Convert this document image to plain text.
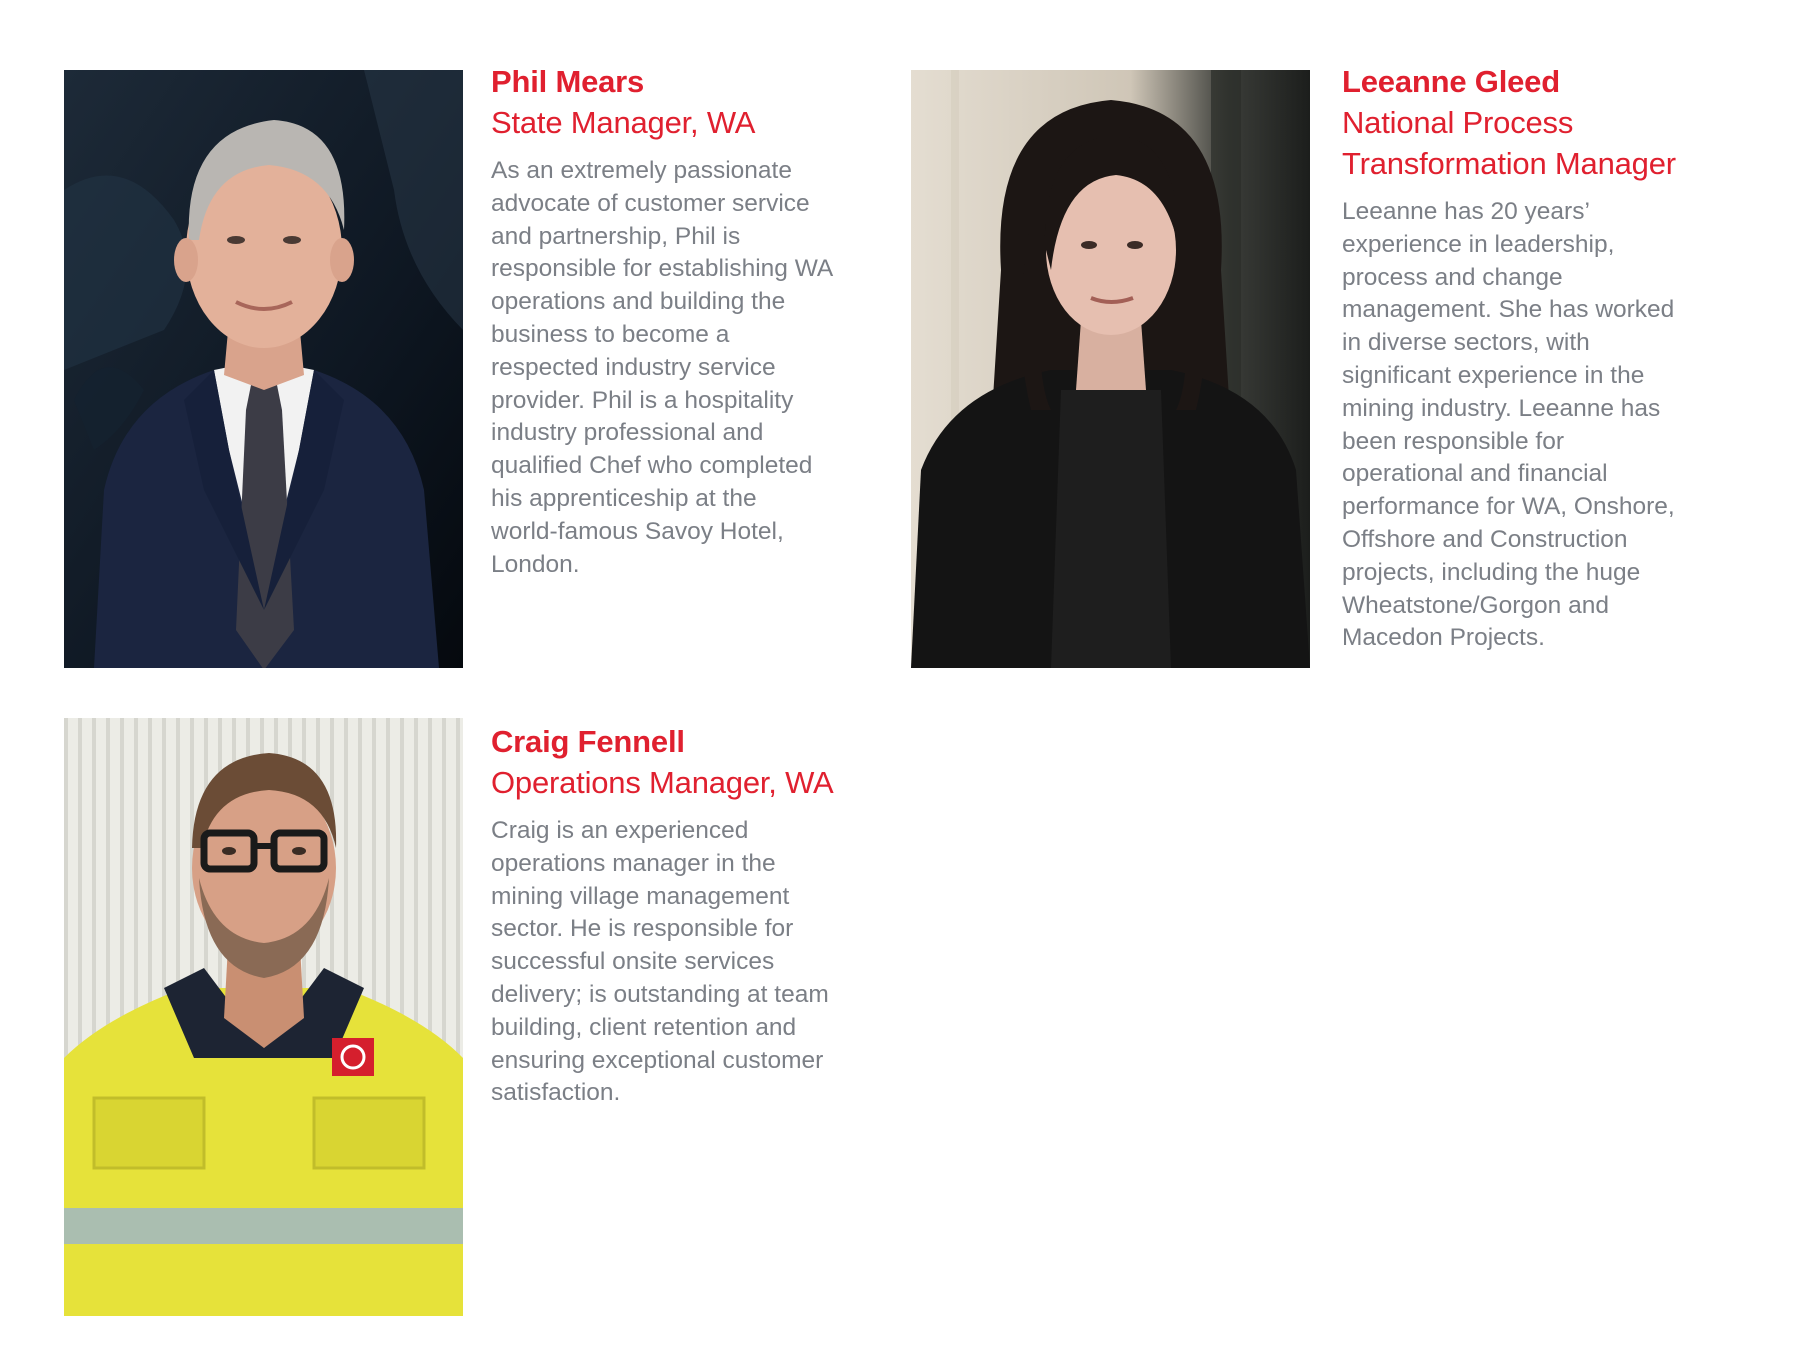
Phil Mears
State Manager, WA

As an extremely passionate
advocate of customer service
and partnership, Phil is
responsible for establishing WA
operations and building the
business to become a
respected industry service
provider. Phil is a hospitality
industry professional and
qualified Chef who completed
his apprenticeship at the
world-famous Savoy Hotel,
London.

Leeanne Gleed
National Process
Transformation Manager

Leeanne has 20 years’
experience in leadership,
process and change
management. She has worked
in diverse sectors, with
significant experience in the
mining industry. Leeanne has
been responsible for
operational and financial
performance for WA, Onshore,
Offshore and Construction
projects, including the huge
Wheatstone/Gorgon and
Macedon Projects.

Craig Fennell
Operations Manager, WA

Craig is an experienced
operations manager in the
mining village management
sector. He is responsible for
successful onsite services
delivery; is outstanding at team
building, client retention and
ensuring exceptional customer
satisfaction.
